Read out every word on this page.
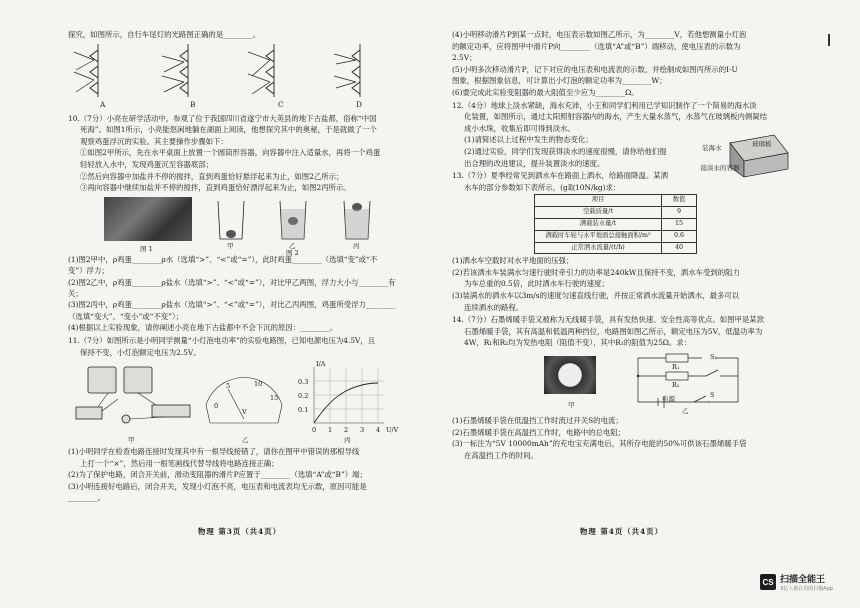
探究，如图所示，自行车尾灯的光路图正确的是________。
A	B	C	D
10.（7分）小亮在研学活动中，参观了位于我国四川省遂宁市大英县的地下古盐都，俗称“中国
死海”。如图1所示，小亮能悠闲地躺在湖面上阅读，他想探究其中的奥秘，于是就做了一个
观察鸡蛋浮沉的实验。其主要操作步骤如下：
①如图2甲所示，先在水平桌面上放置一个圆筒形容器，向容器中注入适量水，再将一个鸡蛋
轻轻放入水中，发现鸡蛋沉至容器底部；
②然后向容器中加盐并不停的搅拌，直到鸡蛋恰好悬浮起来为止，如图2乙所示；
③再向容器中继续加盐并不停的搅拌，直到鸡蛋恰好漂浮起来为止，如图2丙所示。
图 1	甲	乙	丙
图 2
(1)图2甲中，ρ鸡蛋________ρ水（选填“>”、“<”或“=”），此时鸡蛋________（选填“变”或“不
变”）浮力；
(2)图2乙中，ρ鸡蛋________ρ盐水（选填“>”、“<”或“=”），对比甲乙两图，浮力大小与________有关；
(3)图2丙中，ρ鸡蛋________ρ盐水（选填“>”、“<”或“=”），对比乙丙两图，鸡蛋所受浮力________
（选填“变大”、“变小”或“不变”）；
(4)根据以上实验现象，请你阐述小亮在地下古盐都中不会下沉的原因：________。
11.（7分）如图所示是小明同学测量“小灯泡电功率”的实验电路图，已知电源电压为4.5V，且
保持不变，小灯泡额定电压为2.5V。
0
5	10
15
V
I/A
0.3
0.2
0.1
0 1 2 3 4 U/V
甲	乙	丙
(1)小明同学在检查电路连接时发现其中有一根导线接错了，请你在图甲中错误的那根导线
上打一个“×”，然后用一根笔画线代替导线将电路连接正确；
(2)为了保护电路，闭合开关前，滑动变阻器的滑片P应置于________（选填“A”或“B”）端；
(3)小明连接好电路后，闭合开关，发现小灯泡不亮，电压表和电流表均无示数，原因可能是
________。
物理 第3页（共4页）
(4)小明移动滑片P到某一点时，电压表示数如图乙所示，为________V，若他想测量小灯泡
的额定功率，应将图甲中滑片P向________（选填“A”或“B”）端移动，使电压表的示数为
2.5V；
(5)小明多次移动滑片P，记下对应的电压表和电流表的示数，并绘制成如图丙所示的I-U
图象，根据图象信息，可计算出小灯泡的额定功率为________W；
(6)要完成此实验变阻器的最大阻值至少应为________Ω。
12.（4分）地球上淡水紧缺，海水充沛，小王和同学们利用已学知识制作了一个简易的海水淡
化装置，如图所示，通过太阳照射容器内的海水，产生大量水蒸气，水蒸气在玻璃板内侧凝结
成小水珠，收集后即可得到淡水。
(1)请简述以上过程中发生的物态变化；
(2)通过实验，同学们发现获得淡水的速度很慢，请你给他们提
出合理的改进建议，提升装置淡水的速度。
装海水	玻璃板
接淡水的容器
13.（7分）夏季经常见到洒水车在路面上洒水，给路面降温。某洒
水车的部分参数如下表所示，(g取10N/kg)求：
项目	数值
空载质量/t	9
满载装水量/t	15
满载时车轮与水平地面总接触面积/m²	0.6
正常洒水流量/(t/h)	40
(1)洒水车空载时对水平地面的压强；
(2)若该洒水车装满水匀速行驶时牵引力的功率是240kW且保持不变，洒水车受到的阻力
为车总重的0.5倍，此时洒水车行驶的速度；
(3)装满水的洒水车以3m/s的速度匀速直线行驶，并按正常洒水流量开始洒水，最多可以
连续洒水的路程。
14.（7分）石墨烯暖手袋又被称为无线暖手袋，具有发热快速、安全性高等优点。如图甲是某款
石墨烯暖手袋，其有高温和低温两种挡位，电路图如图乙所示，额定电压为5V，低温功率为
4W，R₁和R₂均为发热电阻（阻值不变），其中R₁的阻值为25Ω。求：
甲
R₁
R₂
S₁
电源	S
乙
(1)石墨烯暖手袋在低温挡工作时流过开关S的电流；
(2)石墨烯暖手袋在高温挡工作时，电路中的总电阻；
(3)一标注为“5V 10000mAh”的充电宝充满电后，其所存电能的50%可供该石墨烯暖手袋
在高温挡工作的时间。
物理 第4页（共4页）
CS 扫描全能王
3亿人都在用的扫描App
